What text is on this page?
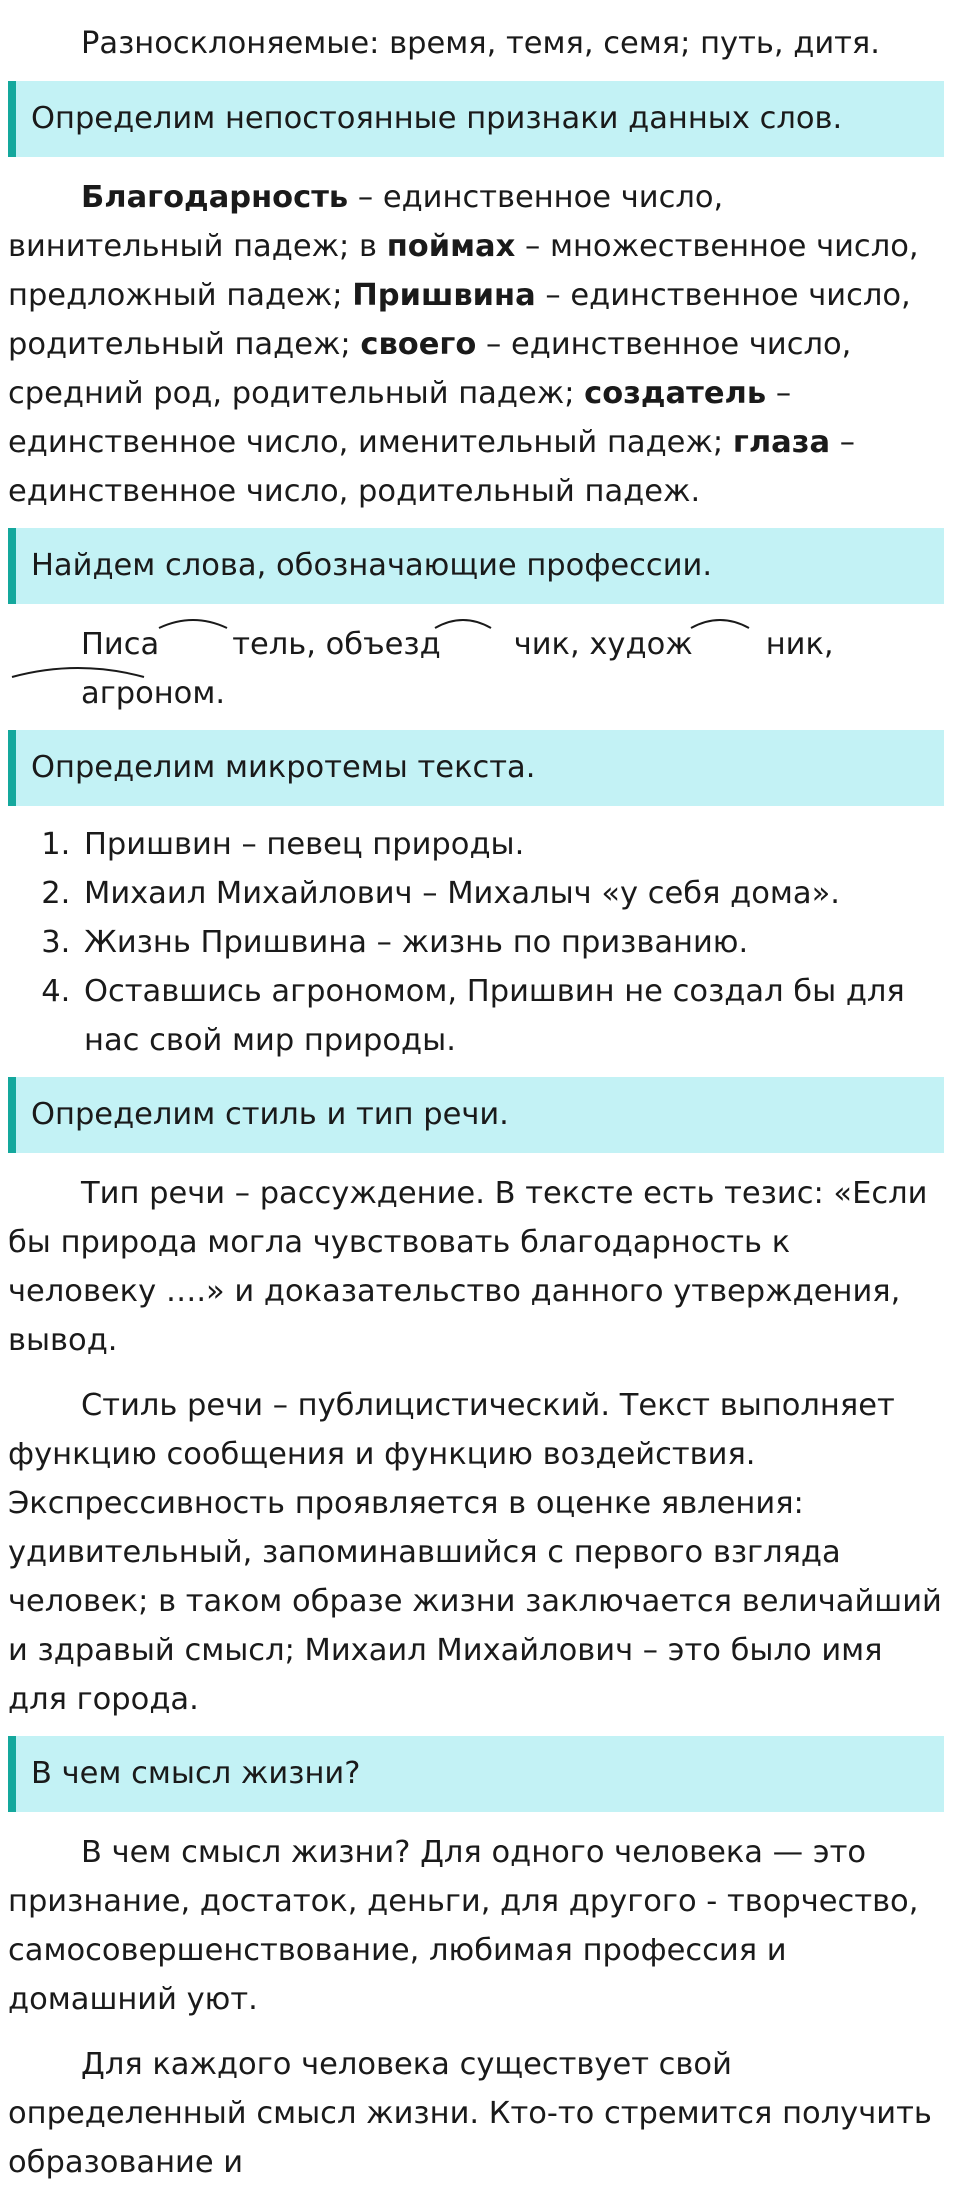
Разносклоняемые: время, темя, семя; путь, дитя.

Определим непостоянные признаки данных слов.

Благодарность – единственное число, винительный падеж; в поймах – множественное число, предложный падеж; Пришвина – единственное число, родительный падеж; своего – единственное число, средний род, родительный падеж; создатель – единственное число, именительный падеж; глаза – единственное число, родительный падеж.

Найдем слова, обозначающие профессии.

Писа тель
, объезд чик
, худож ник
, агроном
.

Определим микротемы текста.
1. Пришвин – певец природы.
2. Михаил Михайлович – Михалыч «у себя дома».
3. Жизнь Пришвина – жизнь по призванию.
4. Оставшись агрономом, Пришвин не создал бы для нас свой мир природы.
Определим стиль и тип речи.

Тип речи – рассуждение. В тексте есть тезис: «Если бы природа могла чувствовать благодарность к человеку ….» и доказательство данного утверждения, вывод.

Стиль речи – публицистический. Текст выполняет функцию сообщения и функцию воздействия. Экспрессивность проявляется в оценке явления: удивительный, запоминавшийся с первого взгляда человек; в таком образе жизни заключается величайший и здравый смысл; Михаил Михайлович – это было имя для города.

В чем смысл жизни?

В чем смысл жизни? Для одного человека — это признание, достаток, деньги, для другого - творчество, самосовершенствование, любимая профессия и домашний уют.

Для каждого человека существует свой определенный смысл жизни. Кто-то стремится получить образование и
